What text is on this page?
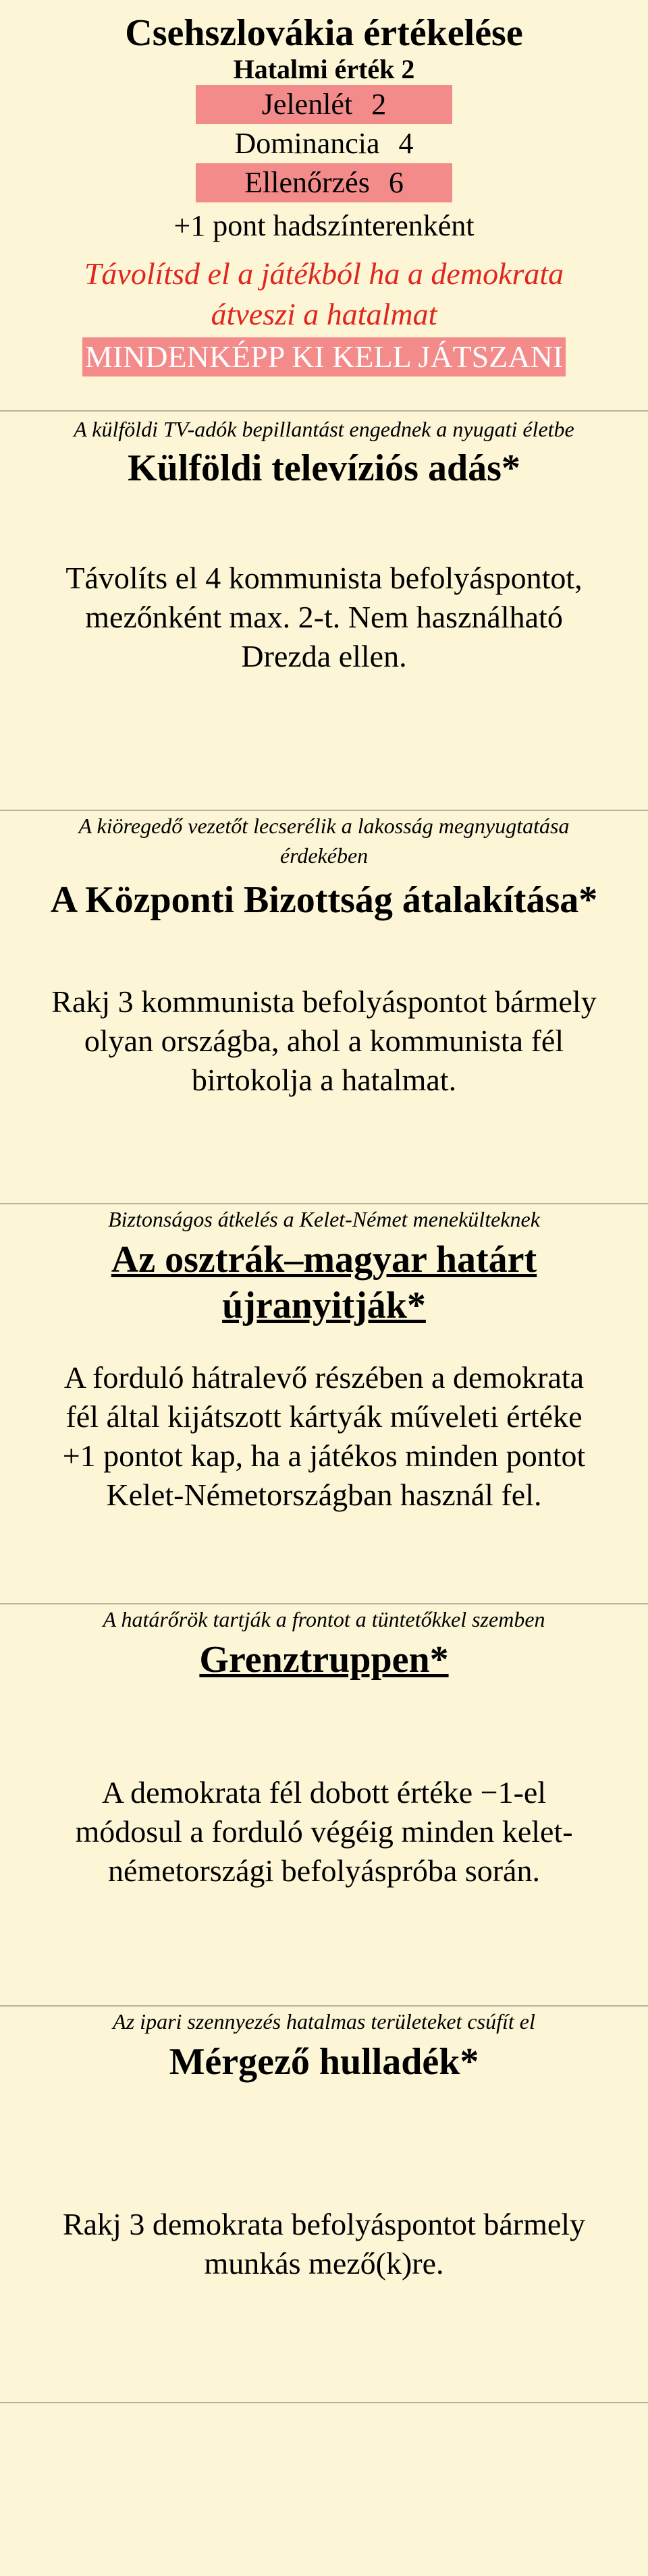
Csehszlovákia értékelése

Hatalmi érték 2

Jelenlét 2

Dominancia 4

Ellenőrzés 6

+1 pont hadszínterenként

Távolítsd el a játékból ha a demokrata

átveszi a hatalmat

MINDENKÉPP KI KELL JÁTSZANI

A külföldi TV-adók bepillantást engednek a nyugati életbe

Külföldi televíziós adás*

Távolíts el 4 kommunista befolyáspontot,

mezőnként max. 2-t. Nem használható

Drezda ellen.

A kiöregedő vezetőt lecserélik a lakosság megnyugtatása

érdekében

A Központi Bizottság átalakítása*

Rakj 3 kommunista befolyáspontot bármely

olyan országba, ahol a kommunista fél

birtokolja a hatalmat.

Biztonságos átkelés a Kelet-Német menekülteknek

Az osztrák–magyar határt

újranyitják*

A forduló hátralevő részében a demokrata

fél által kijátszott kártyák műveleti értéke

+1 pontot kap, ha a játékos minden pontot

Kelet-Németországban használ fel.

A határőrök tartják a frontot a tüntetőkkel szemben

Grenztruppen*

A demokrata fél dobott értéke −1-el

módosul a forduló végéig minden kelet-

németországi befolyáspróba során.

Az ipari szennyezés hatalmas területeket csúfít el

Mérgező hulladék*

Rakj 3 demokrata befolyáspontot bármely

munkás mező(k)re.
